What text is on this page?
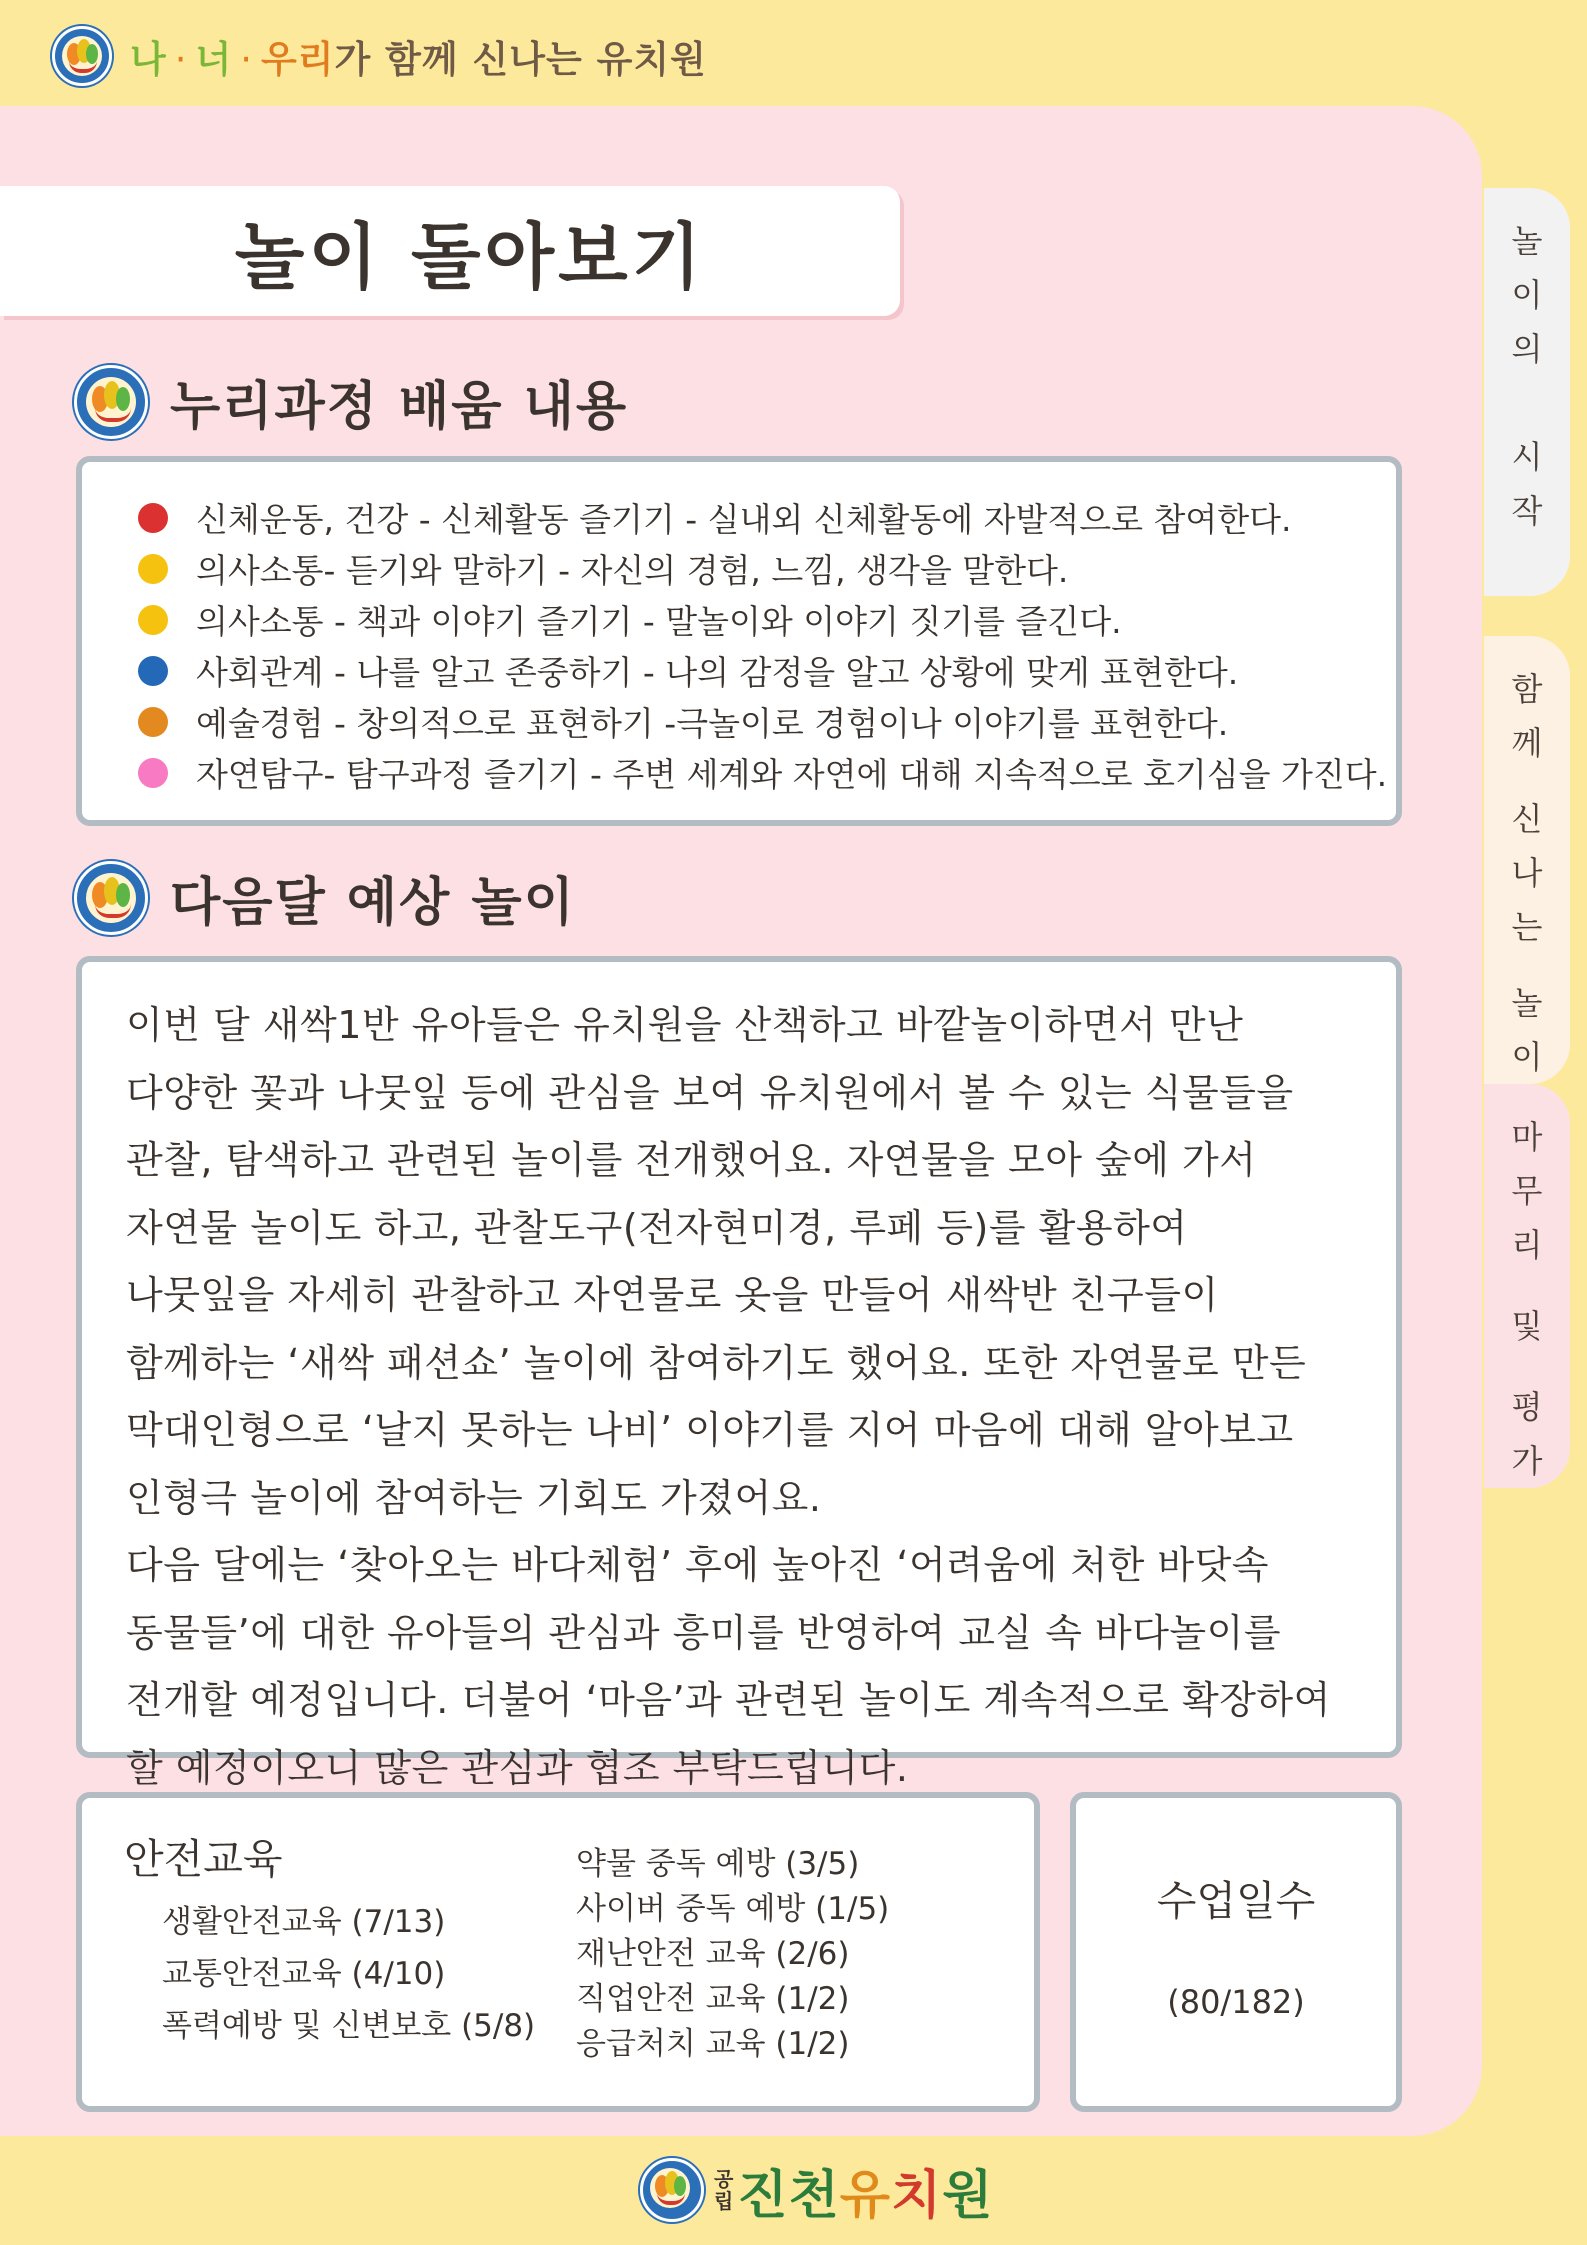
나 · 너 · 우리가 함께 신나는 유치원
놀이 돌아보기
누리과정 배움 내용
신체운동, 건강 - 신체활동 즐기기 - 실내외 신체활동에 자발적으로 참여한다.
의사소통- 듣기와 말하기 - 자신의 경험, 느낌, 생각을 말한다.
의사소통 - 책과 이야기 즐기기 - 말놀이와 이야기 짓기를 즐긴다.
사회관계 - 나를 알고 존중하기 - 나의 감정을 알고 상황에 맞게 표현한다.
예술경험 - 창의적으로 표현하기 -극놀이로 경험이나 이야기를 표현한다.
자연탐구- 탐구과정 즐기기 - 주변 세계와 자연에 대해 지속적으로 호기심을 가진다.
다음달 예상 놀이

이번 달 새싹1반 유아들은 유치원을 산책하고 바깥놀이하면서 만난 다양한 꽃과 나뭇잎 등에 관심을 보여 유치원에서 볼 수 있는 식물들을 관찰, 탐색하고 관련된 놀이를 전개했어요. 자연물을 모아 숲에 가서 자연물 놀이도 하고, 관찰도구(전자현미경, 루페 등)를 활용하여 나뭇잎을 자세히 관찰하고 자연물로 옷을 만들어 새싹반 친구들이 함께하는 ‘새싹 패션쇼’ 놀이에 참여하기도 했어요. 또한 자연물로 만든 막대인형으로 ‘날지 못하는 나비’ 이야기를 지어 마음에 대해 알아보고 인형극 놀이에 참여하는 기회도 가졌어요.

다음 달에는 ‘찾아오는 바다체험’ 후에 높아진 ‘어려움에 처한 바닷속 동물들’에 대한 유아들의 관심과 흥미를 반영하여 교실 속 바다놀이를 전개할 예정입니다. 더불어 ‘마음’과 관련된 놀이도 계속적으로 확장하여 할 예정이오니 많은 관심과 협조 부탁드립니다.

안전교육
생활안전교육 (7/13)
교통안전교육 (4/10)
폭력예방 및 신변보호 (5/8)
약물 중독 예방 (3/5)
사이버 중독 예방 (1/5)
재난안전 교육 (2/6)
직업안전 교육 (1/2)
응급처치 교육 (1/2)
수업일수
(80/182)
놀
이
의
시
작
함
께
신
나
는
놀
이
마
무
리
및
평
가
공
립 진천유치원
